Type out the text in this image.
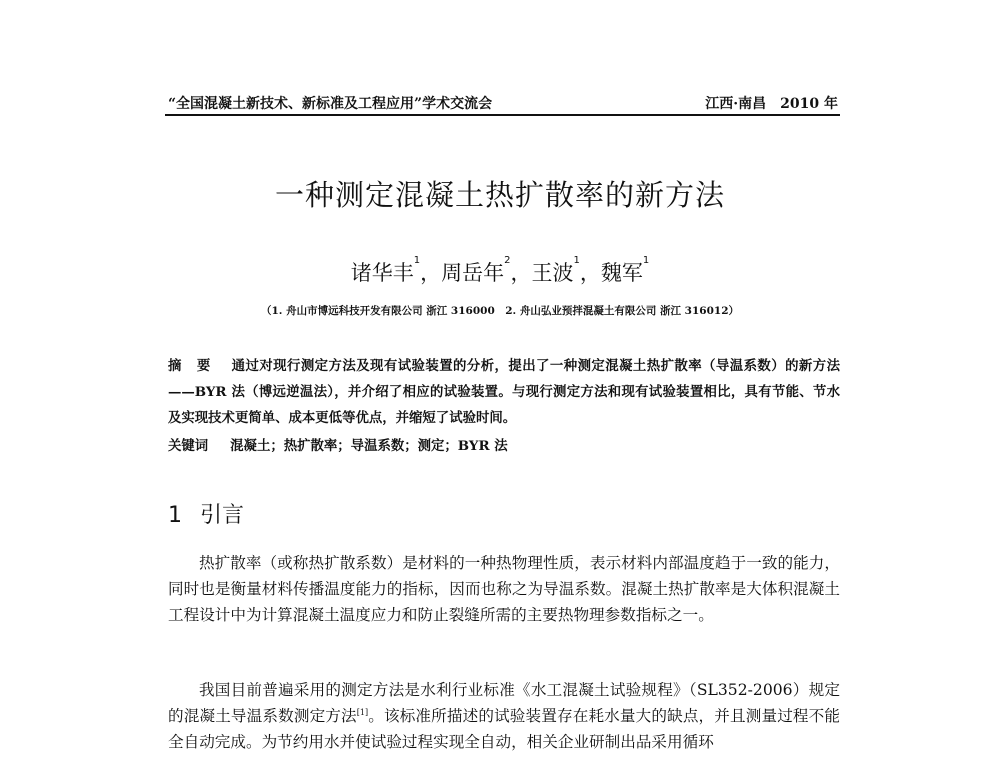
“全国混凝土新技术、新标准及工程应用”学术交流会	江西·南昌　2010 年
一种测定混凝土热扩散率的新方法
诸华丰$^1$，周岳年$^2$，王波$^1$，魏军$^1$
（1. 舟山市博远科技开发有限公司 浙江 316000　2. 舟山弘业预拌混凝土有限公司 浙江 316012）
摘要 通过对现行测定方法及现有试验装置的分析，提出了一种测定混凝土热扩散率（导温系数）的新方法——BYR 法（博远逆温法），并介绍了相应的试验装置。与现行测定方法和现有试验装置相比，具有节能、节水及实现技术更简单、成本更低等优点，并缩短了试验时间。
关键词 混凝土；热扩散率；导温系数；测定；BYR 法
1 引言
热扩散率（或称热扩散系数）是材料的一种热物理性质，表示材料内部温度趋于一致的能力，同时也是衡量材料传播温度能力的指标，因而也称之为导温系数。混凝土热扩散率是大体积混凝土工程设计中为计算混凝土温度应力和防止裂缝所需的主要热物理参数指标之一。
我国目前普遍采用的测定方法是水利行业标准《水工混凝土试验规程》（SL352-2006）规定的混凝土导温系数测定方法[1]。该标准所描述的试验装置存在耗水量大的缺点，并且测量过程不能全自动完成。为节约用水并使试验过程实现全自动，相关企业研制出品采用循环
